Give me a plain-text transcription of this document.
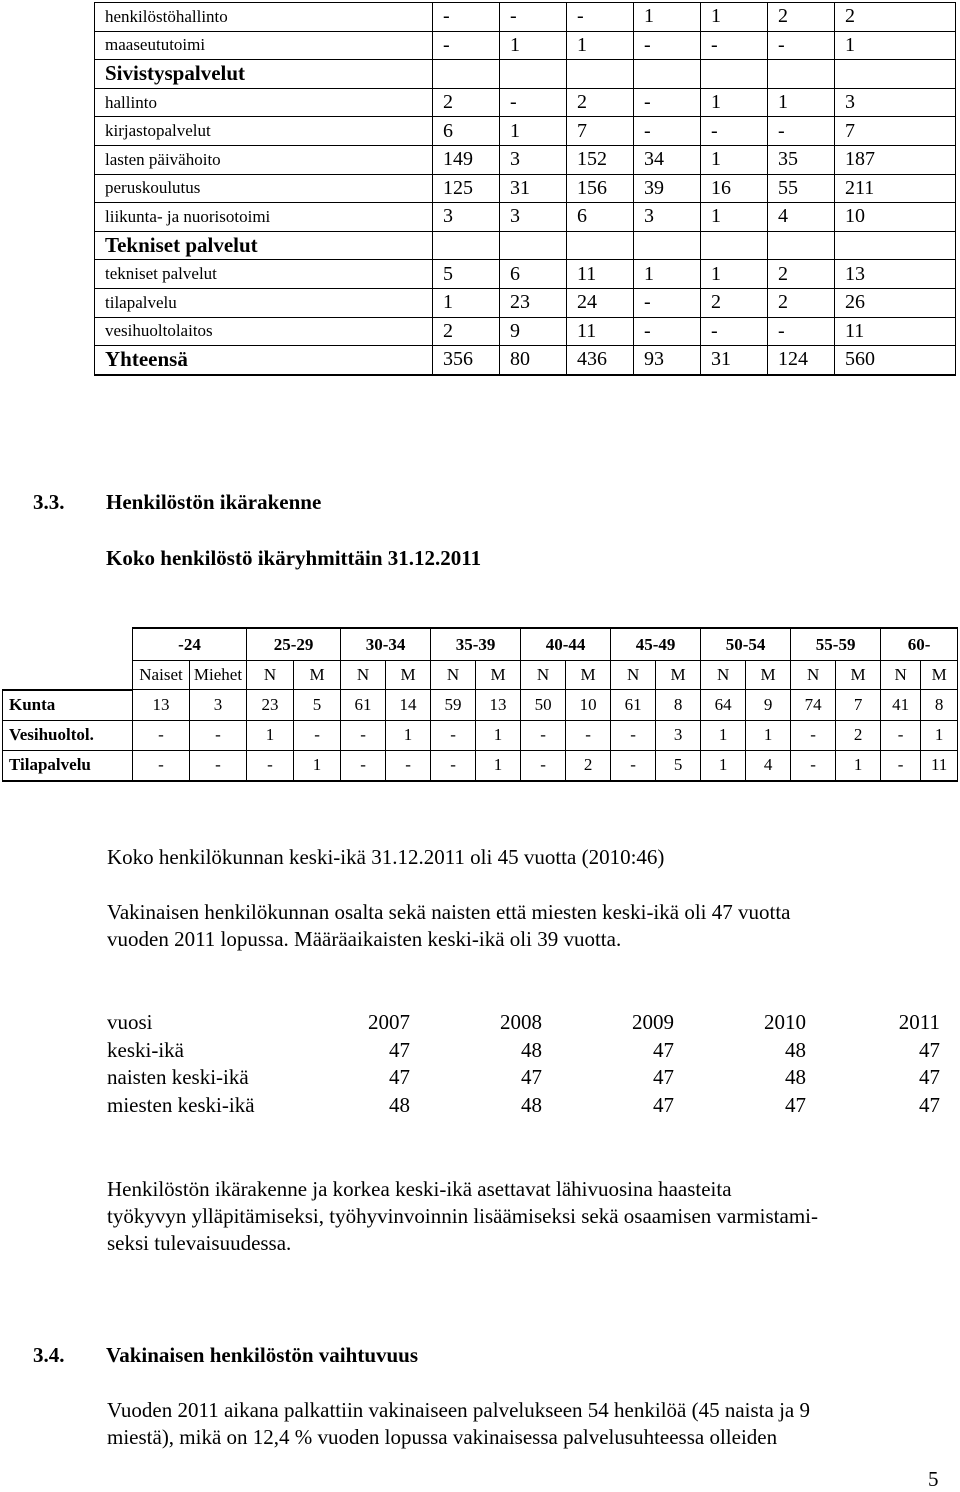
henkilöstöhallinto	-	-	-	1	1	2	2
maaseututoimi	-	1	1	-	-	-	1
Sivistyspalvelut							
hallinto	2	-	2	-	1	1	3
kirjastopalvelut	6	1	7	-	-	-	7
lasten päivähoito	149	3	152	34	1	35	187
peruskoulutus	125	31	156	39	16	55	211
liikunta- ja nuorisotoimi	3	3	6	3	1	4	10
Tekniset palvelut							
tekniset palvelut	5	6	11	1	1	2	13
tilapalvelu	1	23	24	-	2	2	26
vesihuoltolaitos	2	9	11	-	-	-	11
Yhteensä	356	80	436	93	31	124	560
3.3. Henkilöstön ikärakenne
Koko henkilöstö ikäryhmittäin 31.12.2011
	-24		25-29		30-34		35-39		40-44		45-49		50-54		55-59		60-	
	Naiset	Miehet	N	M	N	M	N	M	N	M	N	M	N	M	N	M	N	M
Kunta	13	3	23	5	61	14	59	13	50	10	61	8	64	9	74	7	41	8
Vesihuoltol.	-	-	1	-	-	1	-	1	-	-	-	3	1	1	-	2	-	1
Tilapalvelu	-	-	-	1	-	-	-	1	-	2	-	5	1	4	-	1	-	11
Koko henkilökunnan keski-ikä 31.12.2011 oli 45 vuotta (2010:46)
Vakinaisen henkilökunnan osalta sekä naisten että miesten keski-ikä oli 47 vuotta
vuoden 2011 lopussa. Määräaikaisten keski-ikä oli 39 vuotta.
vuosi	2007	2008	2009	2010	2011
keski-ikä	47	48	47	48	47
naisten keski-ikä	47	47	47	48	47
miesten keski-ikä	48	48	47	47	47
Henkilöstön ikärakenne ja korkea keski-ikä asettavat lähivuosina haasteita
työkyvyn ylläpitämiseksi, työhyvinvoinnin lisäämiseksi sekä osaamisen varmistami-
seksi tulevaisuudessa.
3.4. Vakinaisen henkilöstön vaihtuvuus
Vuoden 2011 aikana palkattiin vakinaiseen palvelukseen 54 henkilöä (45 naista ja 9
miestä), mikä on 12,4 % vuoden lopussa vakinaisessa palvelusuhteessa olleiden
5
